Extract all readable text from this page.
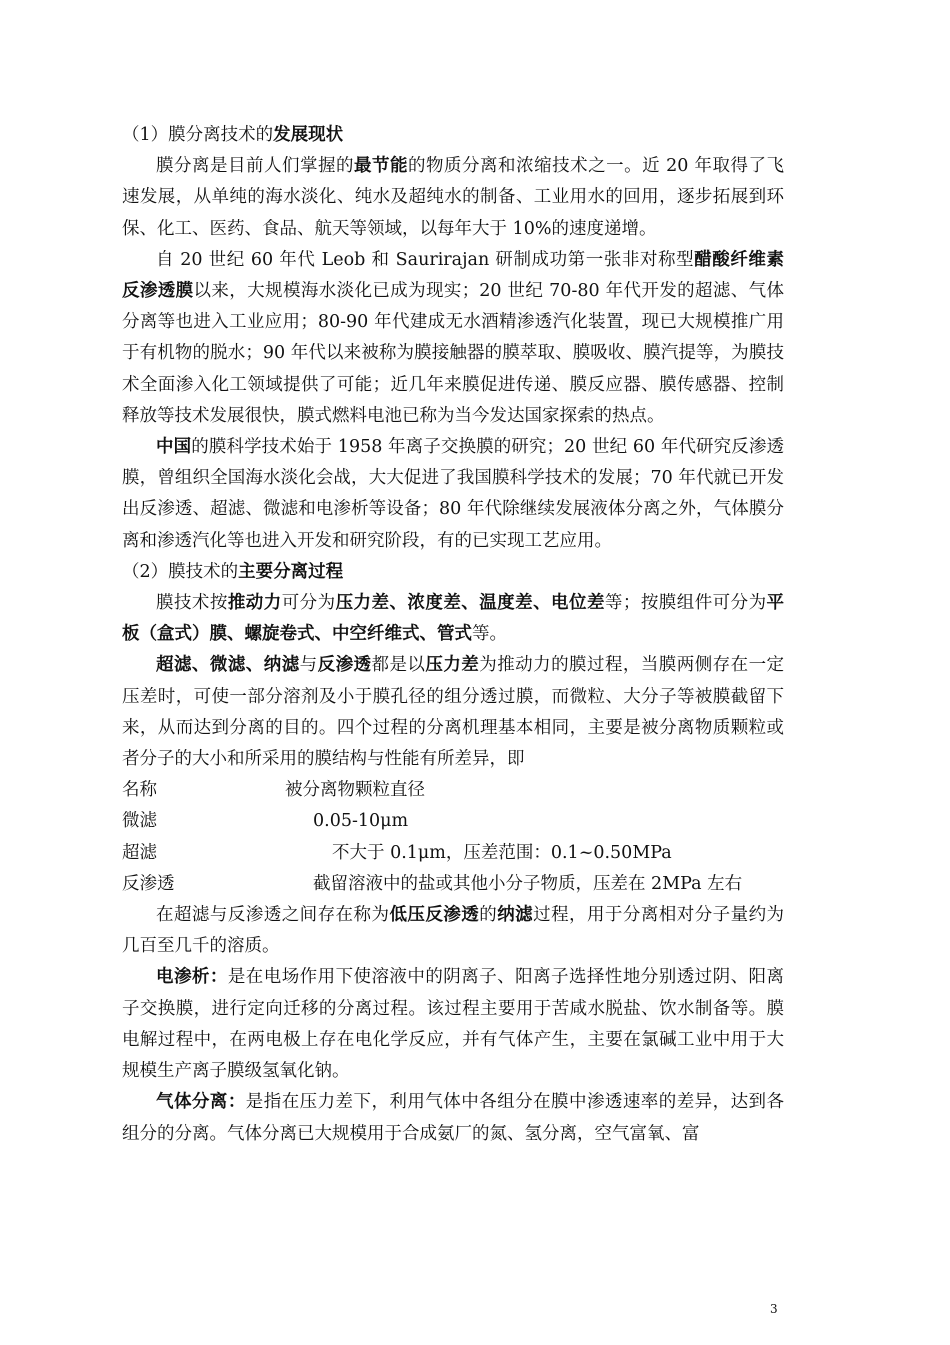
（1）膜分离技术的发展现状

膜分离是目前人们掌握的最节能的物质分离和浓缩技术之一。近 20 年取得了飞速发展，从单纯的海水淡化、纯水及超纯水的制备、工业用水的回用，逐步拓展到环保、化工、医药、食品、航天等领域，以每年大于 10%的速度递增。

自 20 世纪 60 年代 Leob 和 Saurirajan 研制成功第一张非对称型醋酸纤维素反渗透膜以来，大规模海水淡化已成为现实；20 世纪 70-80 年代开发的超滤、气体分离等也进入工业应用；80-90 年代建成无水酒精渗透汽化装置，现已大规模推广用于有机物的脱水；90 年代以来被称为膜接触器的膜萃取、膜吸收、膜汽提等，为膜技术全面渗入化工领域提供了可能；近几年来膜促进传递、膜反应器、膜传感器、控制释放等技术发展很快，膜式燃料电池已称为当今发达国家探索的热点。

中国的膜科学技术始于 1958 年离子交换膜的研究；20 世纪 60 年代研究反渗透膜，曾组织全国海水淡化会战，大大促进了我国膜科学技术的发展；70 年代就已开发出反渗透、超滤、微滤和电渗析等设备；80 年代除继续发展液体分离之外，气体膜分离和渗透汽化等也进入开发和研究阶段，有的已实现工艺应用。

（2）膜技术的主要分离过程

膜技术按推动力可分为压力差、浓度差、温度差、电位差等；按膜组件可分为平板（盒式）膜、螺旋卷式、中空纤维式、管式等。

超滤、微滤、纳滤与反渗透都是以压力差为推动力的膜过程，当膜两侧存在一定压差时，可使一部分溶剂及小于膜孔径的组分透过膜，而微粒、大分子等被膜截留下来，从而达到分离的目的。四个过程的分离机理基本相同，主要是被分离物质颗粒或者分子的大小和所采用的膜结构与性能有所差异，即

名称	被分离物颗粒直径
微滤	0.05-10μm
超滤	不大于 0.1μm，压差范围：0.1~0.50MPa
反渗透	截留溶液中的盐或其他小分子物质，压差在 2MPa 左右

在超滤与反渗透之间存在称为低压反渗透的纳滤过程，用于分离相对分子量约为几百至几千的溶质。

电渗析：是在电场作用下使溶液中的阴离子、阳离子选择性地分别透过阴、阳离子交换膜，进行定向迁移的分离过程。该过程主要用于苦咸水脱盐、饮水制备等。膜电解过程中，在两电极上存在电化学反应，并有气体产生，主要在氯碱工业中用于大规模生产离子膜级氢氧化钠。

气体分离：是指在压力差下，利用气体中各组分在膜中渗透速率的差异，达到各组分的分离。气体分离已大规模用于合成氨厂的氮、氢分离，空气富氧、富

3
